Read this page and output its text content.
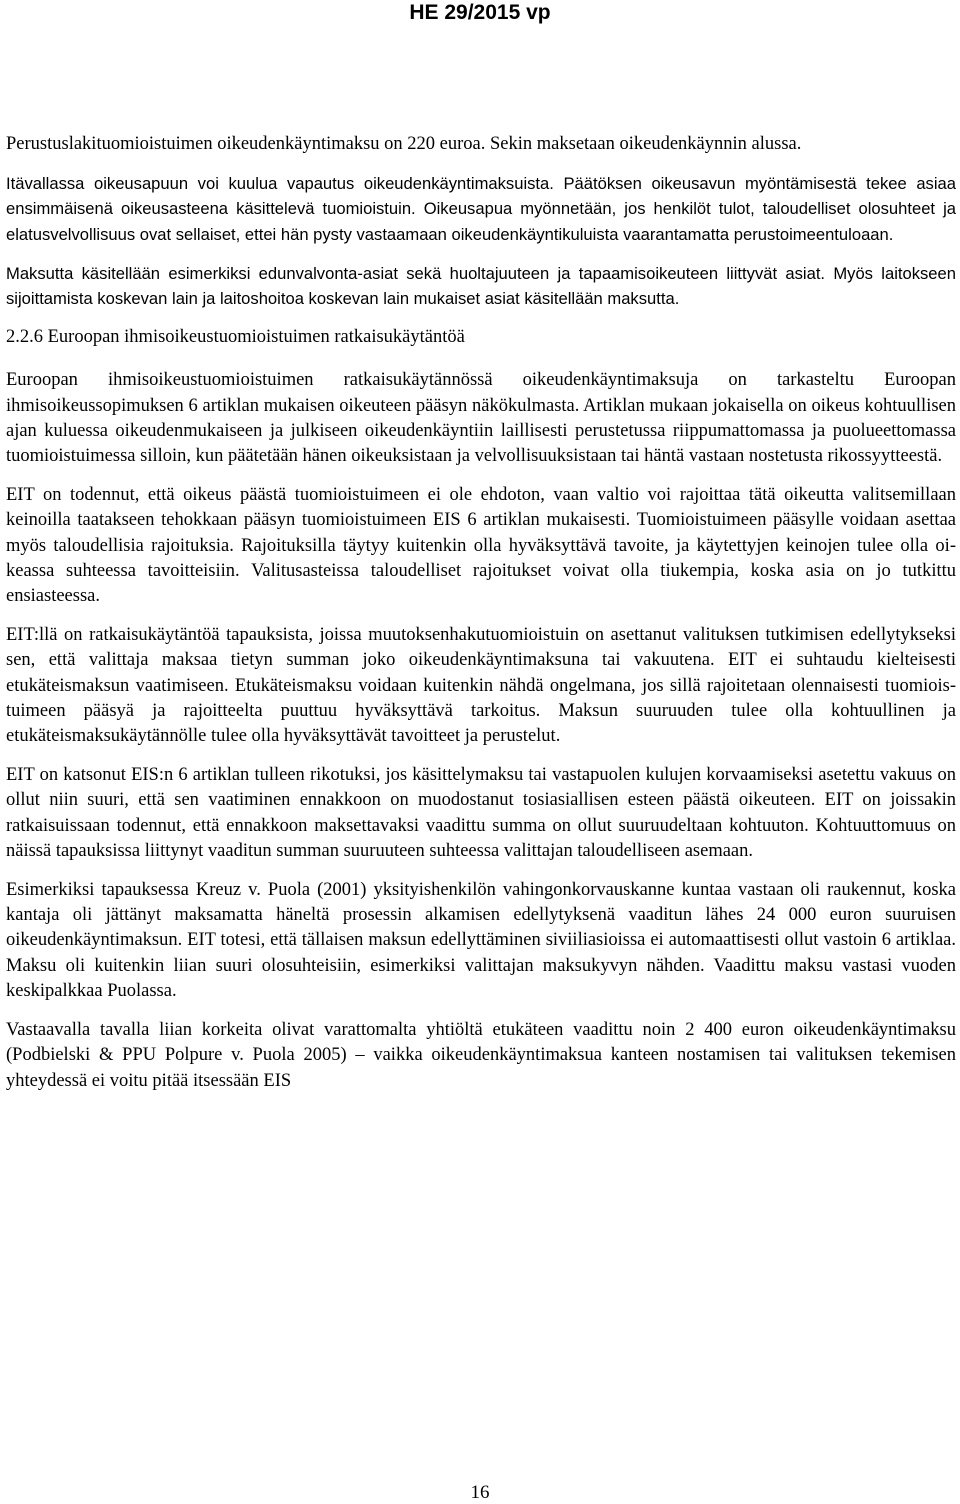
HE 29/2015 vp

Perustuslakituomioistuimen oikeudenkäyntimaksu on 220 euroa. Sekin maksetaan oikeudenkäynnin alussa.

Itävallassa oikeusapuun voi kuulua vapautus oikeudenkäyntimaksuista. Päätöksen oikeusavun myöntämisestä tekee asiaa ensimmäisenä oikeusasteena käsittelevä tuomioistuin. Oikeusapua myönnetään, jos henkilöt tulot, taloudelliset olosuhteet ja elatusvelvollisuus ovat sellaiset, ettei hän pysty vastaamaan oikeudenkäyntikuluista vaarantamatta perustoimeentuloaan.

Maksutta käsitellään esimerkiksi edunvalvonta-asiat sekä huoltajuuteen ja tapaamisoikeuteen liittyvät asiat. Myös laitokseen sijoittamista koskevan lain ja laitoshoitoa koskevan lain mukaiset asiat käsitellään maksutta.

2.2.6 Euroopan ihmisoikeustuomioistuimen ratkaisukäytäntöä

Euroopan ihmisoikeustuomioistuimen ratkaisukäytännössä oikeudenkäyntimaksuja on tarkasteltu Euroopan ihmisoikeussopimuksen 6 artiklan mukaisen oikeuteen pääsyn näkökulmasta. Artiklan mukaan jokaisella on oikeus kohtuullisen ajan kuluessa oikeudenmukaiseen ja julkiseen oikeudenkäyntiin laillisesti perustetussa riippumattomassa ja puolueettomassa tuomioistuimessa silloin, kun päätetään hänen oikeuksistaan ja velvollisuuksistaan tai häntä vastaan nostetusta rikossyytteestä.

EIT on todennut, että oikeus päästä tuomioistuimeen ei ole ehdoton, vaan valtio voi rajoittaa tätä oikeutta valitsemillaan keinoilla taatakseen tehokkaan pääsyn tuomioistuimeen EIS 6 artiklan mukaisesti. Tuomioistuimeen pääsylle voidaan asettaa myös taloudellisia rajoituksia. Rajoituksilla täytyy kuitenkin olla hyväksyttävä tavoite, ja käytettyjen keinojen tulee olla oikeassa suhteessa tavoitteisiin. Valitusasteissa taloudelliset rajoitukset voivat olla tiukempia, koska asia on jo tutkittu ensiasteessa.

EIT:llä on ratkaisukäytäntöä tapauksista, joissa muutoksenhakutuomioistuin on asettanut valituksen tutkimisen edellytykseksi sen, että valittaja maksaa tietyn summan joko oikeudenkäyntimaksuna tai vakuutena. EIT ei suhtaudu kielteisesti etukäteismaksun vaatimiseen. Etukäteismaksu voidaan kuitenkin nähdä ongelmana, jos sillä rajoitetaan olennaisesti tuomioistuimeen pääsyä ja rajoitteelta puuttuu hyväksyttävä tarkoitus. Maksun suuruuden tulee olla kohtuullinen ja etukäteismaksukäytännölle tulee olla hyväksyttävät tavoitteet ja perustelut.

EIT on katsonut EIS:n 6 artiklan tulleen rikotuksi, jos käsittelymaksu tai vastapuolen kulujen korvaamiseksi asetettu vakuus on ollut niin suuri, että sen vaatiminen ennakkoon on muodostanut tosiasiallisen esteen päästä oikeuteen. EIT on joissakin ratkaisuissaan todennut, että ennakkoon maksettavaksi vaadittu summa on ollut suuruudeltaan kohtuuton. Kohtuuttomuus on näissä tapauksissa liittynyt vaaditun summan suuruuteen suhteessa valittajan taloudelliseen asemaan.

Esimerkiksi tapauksessa Kreuz v. Puola (2001) yksityishenkilön vahingonkorvauskanne kuntaa vastaan oli raukennut, koska kantaja oli jättänyt maksamatta häneltä prosessin alkamisen edellytyksenä vaaditun lähes 24 000 euron suuruisen oikeudenkäyntimaksun. EIT totesi, että tällaisen maksun edellyttäminen siviiliasioissa ei automaattisesti ollut vastoin 6 artiklaa. Maksu oli kuitenkin liian suuri olosuhteisiin, esimerkiksi valittajan maksukyvyn nähden. Vaadittu maksu vastasi vuoden keskipalkkaa Puolassa.

Vastaavalla tavalla liian korkeita olivat varattomalta yhtiöltä etukäteen vaadittu noin 2 400 euron oikeudenkäyntimaksu (Podbielski & PPU Polpure v. Puola 2005) – vaikka oikeudenkäyntimaksua kanteen nostamisen tai valituksen tekemisen yhteydessä ei voitu pitää itsessään EIS

16
